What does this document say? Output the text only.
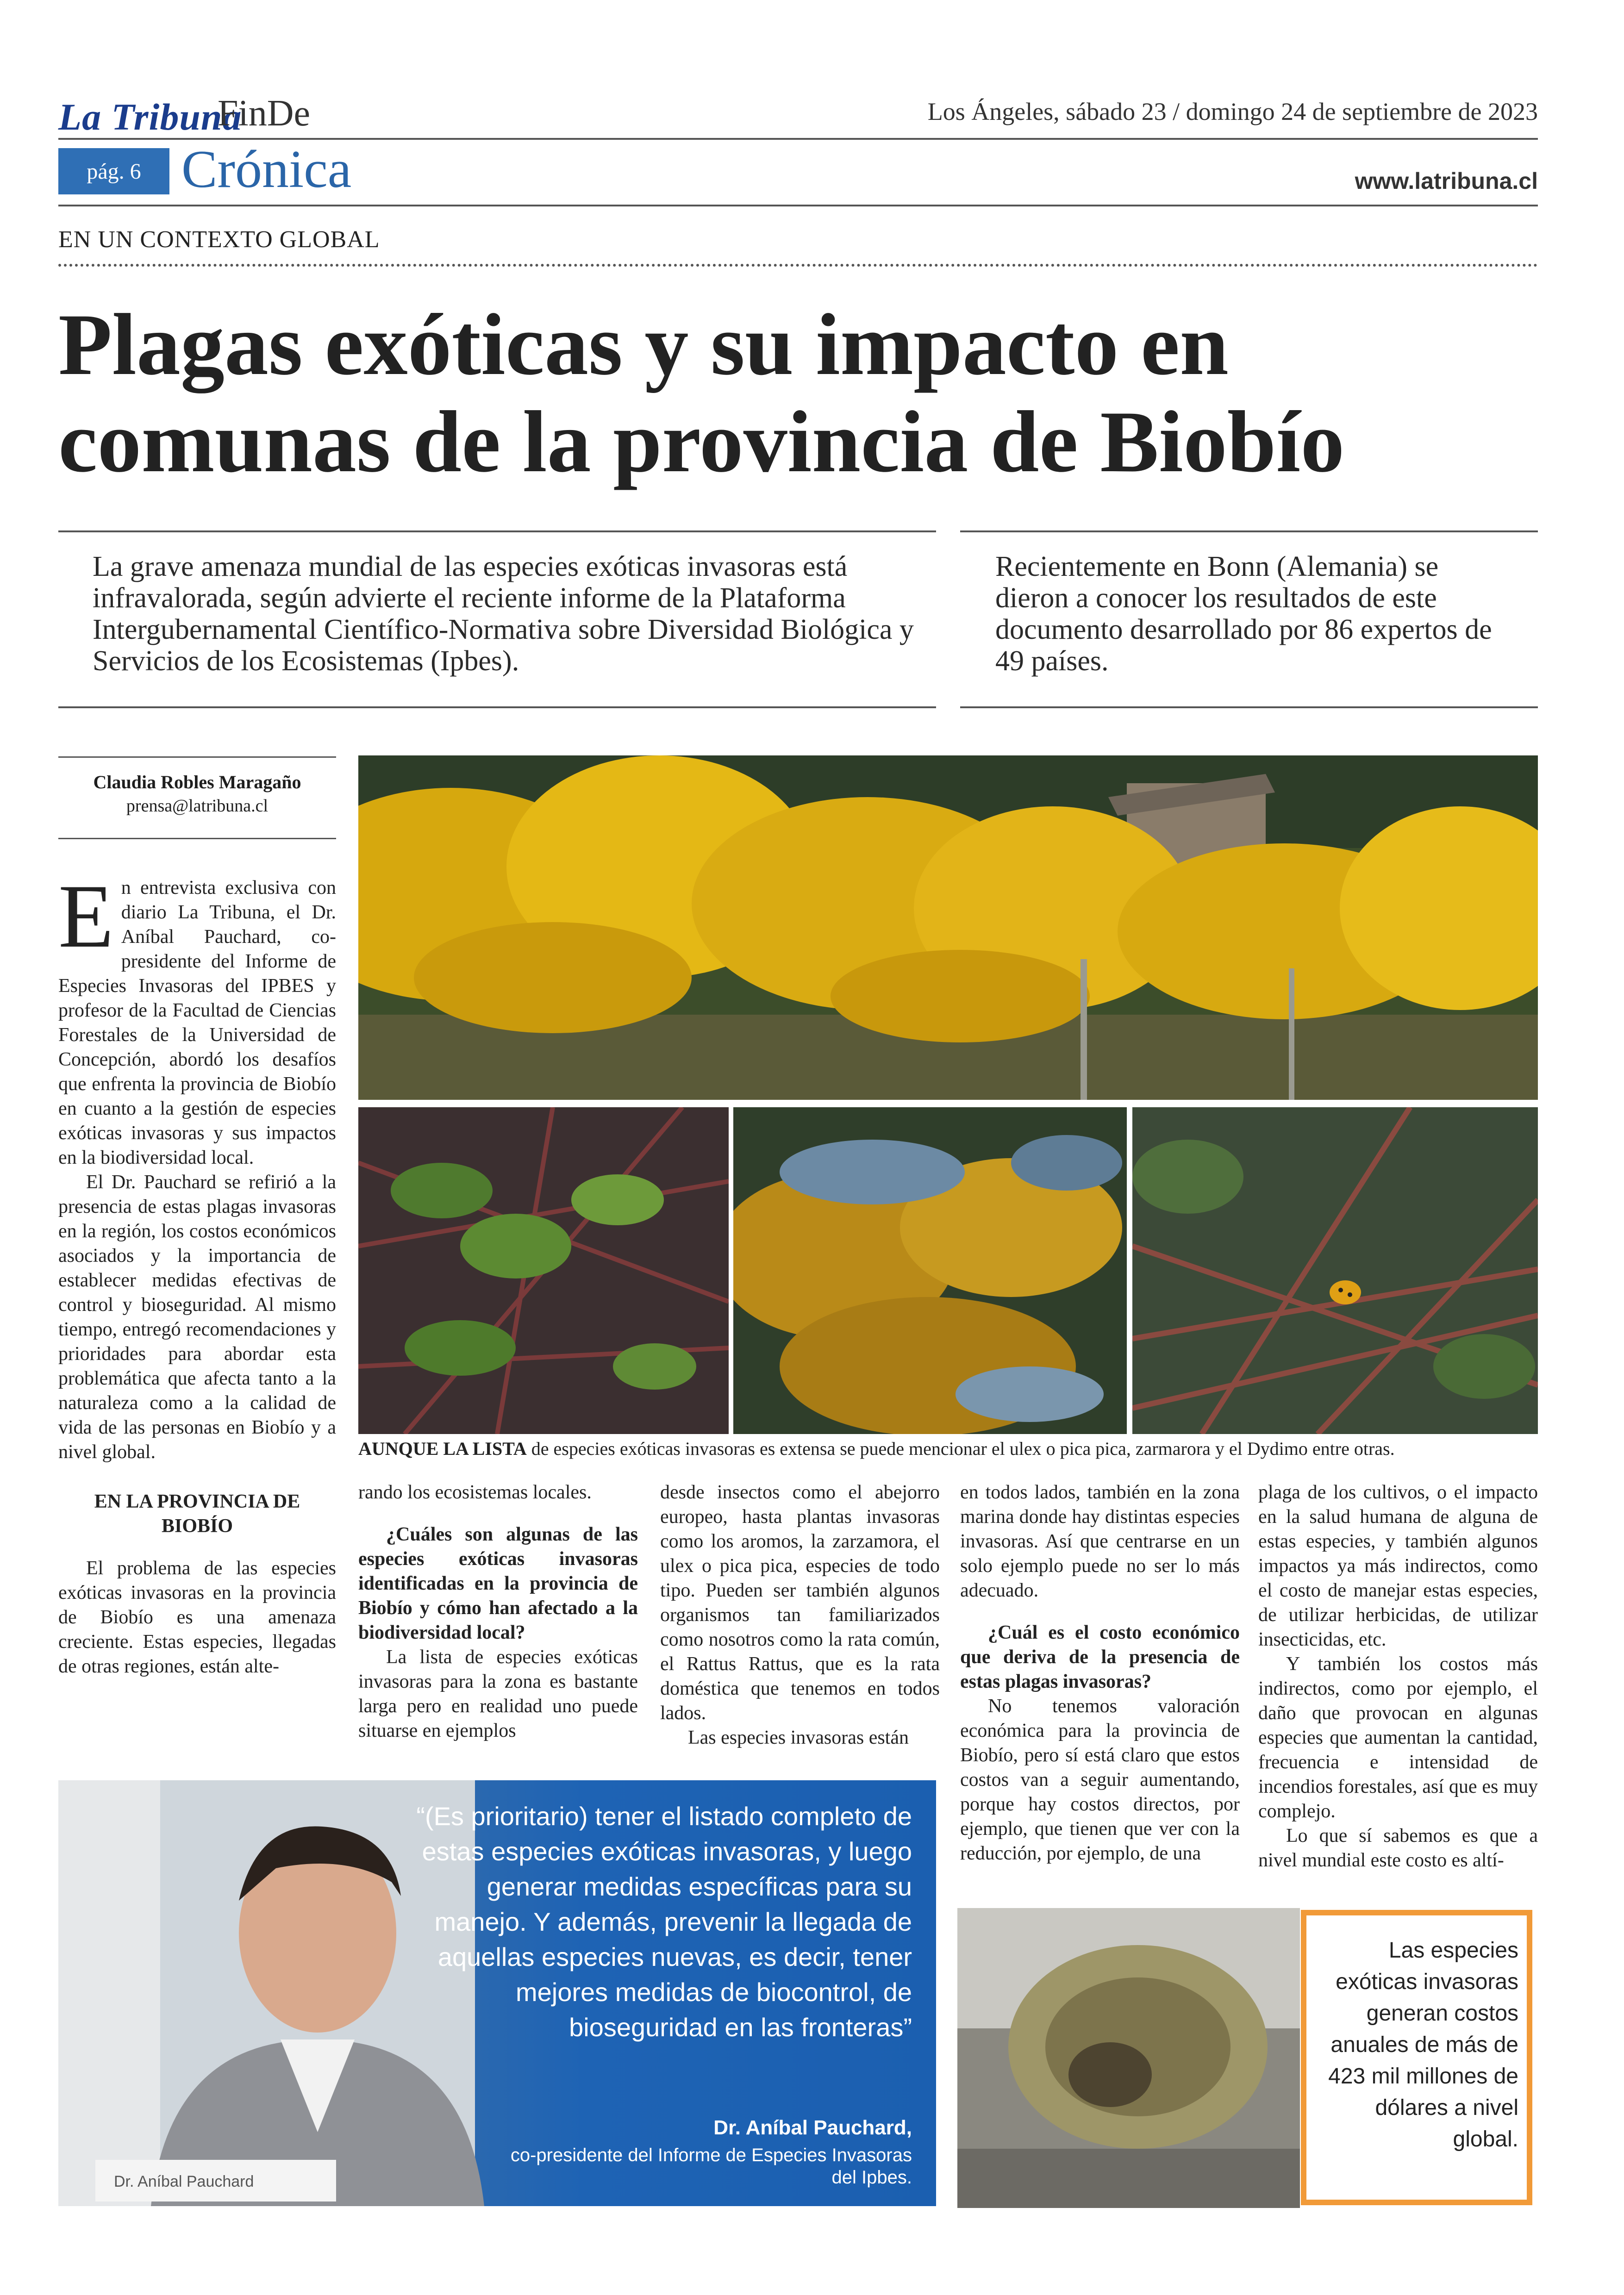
La Tribuna
FinDe	Los Ángeles, sábado 23 / domingo 24 de septiembre de 2023
pág. 6 Crónica	www.latribuna.cl
EN UN CONTEXTO GLOBAL
Plagas exóticas y su impacto en comunas de la provincia de Biobío
La grave amenaza mundial de las especies exóticas invasoras está infravalorada, según advierte el reciente informe de la Plataforma Intergubernamental Científico-Normativa sobre Diversidad Biológica y Servicios de los Ecosistemas (Ipbes).
Recientemente en Bonn (Alemania) se dieron a conocer los resultados de este documento desarrollado por 86 expertos de 49 países.
Claudia Robles Maragaño
prensa@latribuna.cl

En entrevista exclusiva con diario La Tribuna, el Dr. Aníbal Pauchard, co-presidente del Informe de Especies Invasoras del IPBES y profesor de la Facultad de Ciencias Forestales de la Universidad de Concepción, abordó los desafíos que enfrenta la provincia de Biobío en cuanto a la gestión de especies exóticas invasoras y sus impactos en la biodiversidad local.

El Dr. Pauchard se refirió a la presencia de estas plagas invasoras en la región, los costos económicos asociados y la importancia de establecer medidas efectivas de control y bioseguridad. Al mismo tiempo, entregó recomendaciones y prioridades para abordar esta problemática que afecta tanto a la naturaleza como a la calidad de vida de las personas en Biobío y a nivel global.

EN LA PROVINCIA DE BIOBÍO

El problema de las especies exóticas invasoras en la provincia de Biobío es una amenaza creciente. Estas especies, llegadas de otras regiones, están alte-

AUNQUE LA LISTA de especies exóticas invasoras es extensa se puede mencionar el ulex o pica pica, zarmarora y el Dydimo entre otras.

rando los ecosistemas locales.

¿Cuáles son algunas de las especies exóticas invasoras identificadas en la provincia de Biobío y cómo han afectado a la biodiversidad local?

La lista de especies exóticas invasoras para la zona es bastante larga pero en realidad uno puede situarse en ejemplos

desde insectos como el abejorro europeo, hasta plantas invasoras como los aromos, la zarzamora, el ulex o pica pica, especies de todo tipo. Pueden ser también algunos organismos tan familiarizados como nosotros como la rata común, el Rattus Rattus, que es la rata doméstica que tenemos en todos lados.

Las especies invasoras están

en todos lados, también en la zona marina donde hay distintas especies invasoras. Así que centrarse en un solo ejemplo puede no ser lo más adecuado.

¿Cuál es el costo económico que deriva de la presencia de estas plagas invasoras?

No tenemos valoración económica para la provincia de Biobío, pero sí está claro que estos costos van a seguir aumentando, porque hay costos directos, por ejemplo, que tienen que ver con la reducción, por ejemplo, de una

plaga de los cultivos, o el impacto en la salud humana de alguna de estas especies, y también algunos impactos ya más indirectos, como el costo de manejar estas especies, de utilizar herbicidas, de utilizar insecticidas, etc.

Y también los costos más indirectos, como por ejemplo, el daño que provocan en algunas especies que aumentan la cantidad, frecuencia e intensidad de incendios forestales, así que es muy complejo.

Lo que sí sabemos es que a nivel mundial este costo es altí-

Dr. Aníbal Pauchard
“(Es prioritario) tener el listado completo de estas especies exóticas invasoras, y luego generar medidas específicas para su manejo. Y además, prevenir la llegada de aquellas especies nuevas, es decir, tener mejores medidas de biocontrol, de bioseguridad en las fronteras”
Dr. Aníbal Pauchard,
co-presidente del Informe de Especies Invasoras del Ipbes.
Las especies exóticas invasoras generan costos anuales de más de 423 mil millones de dólares a nivel global.
